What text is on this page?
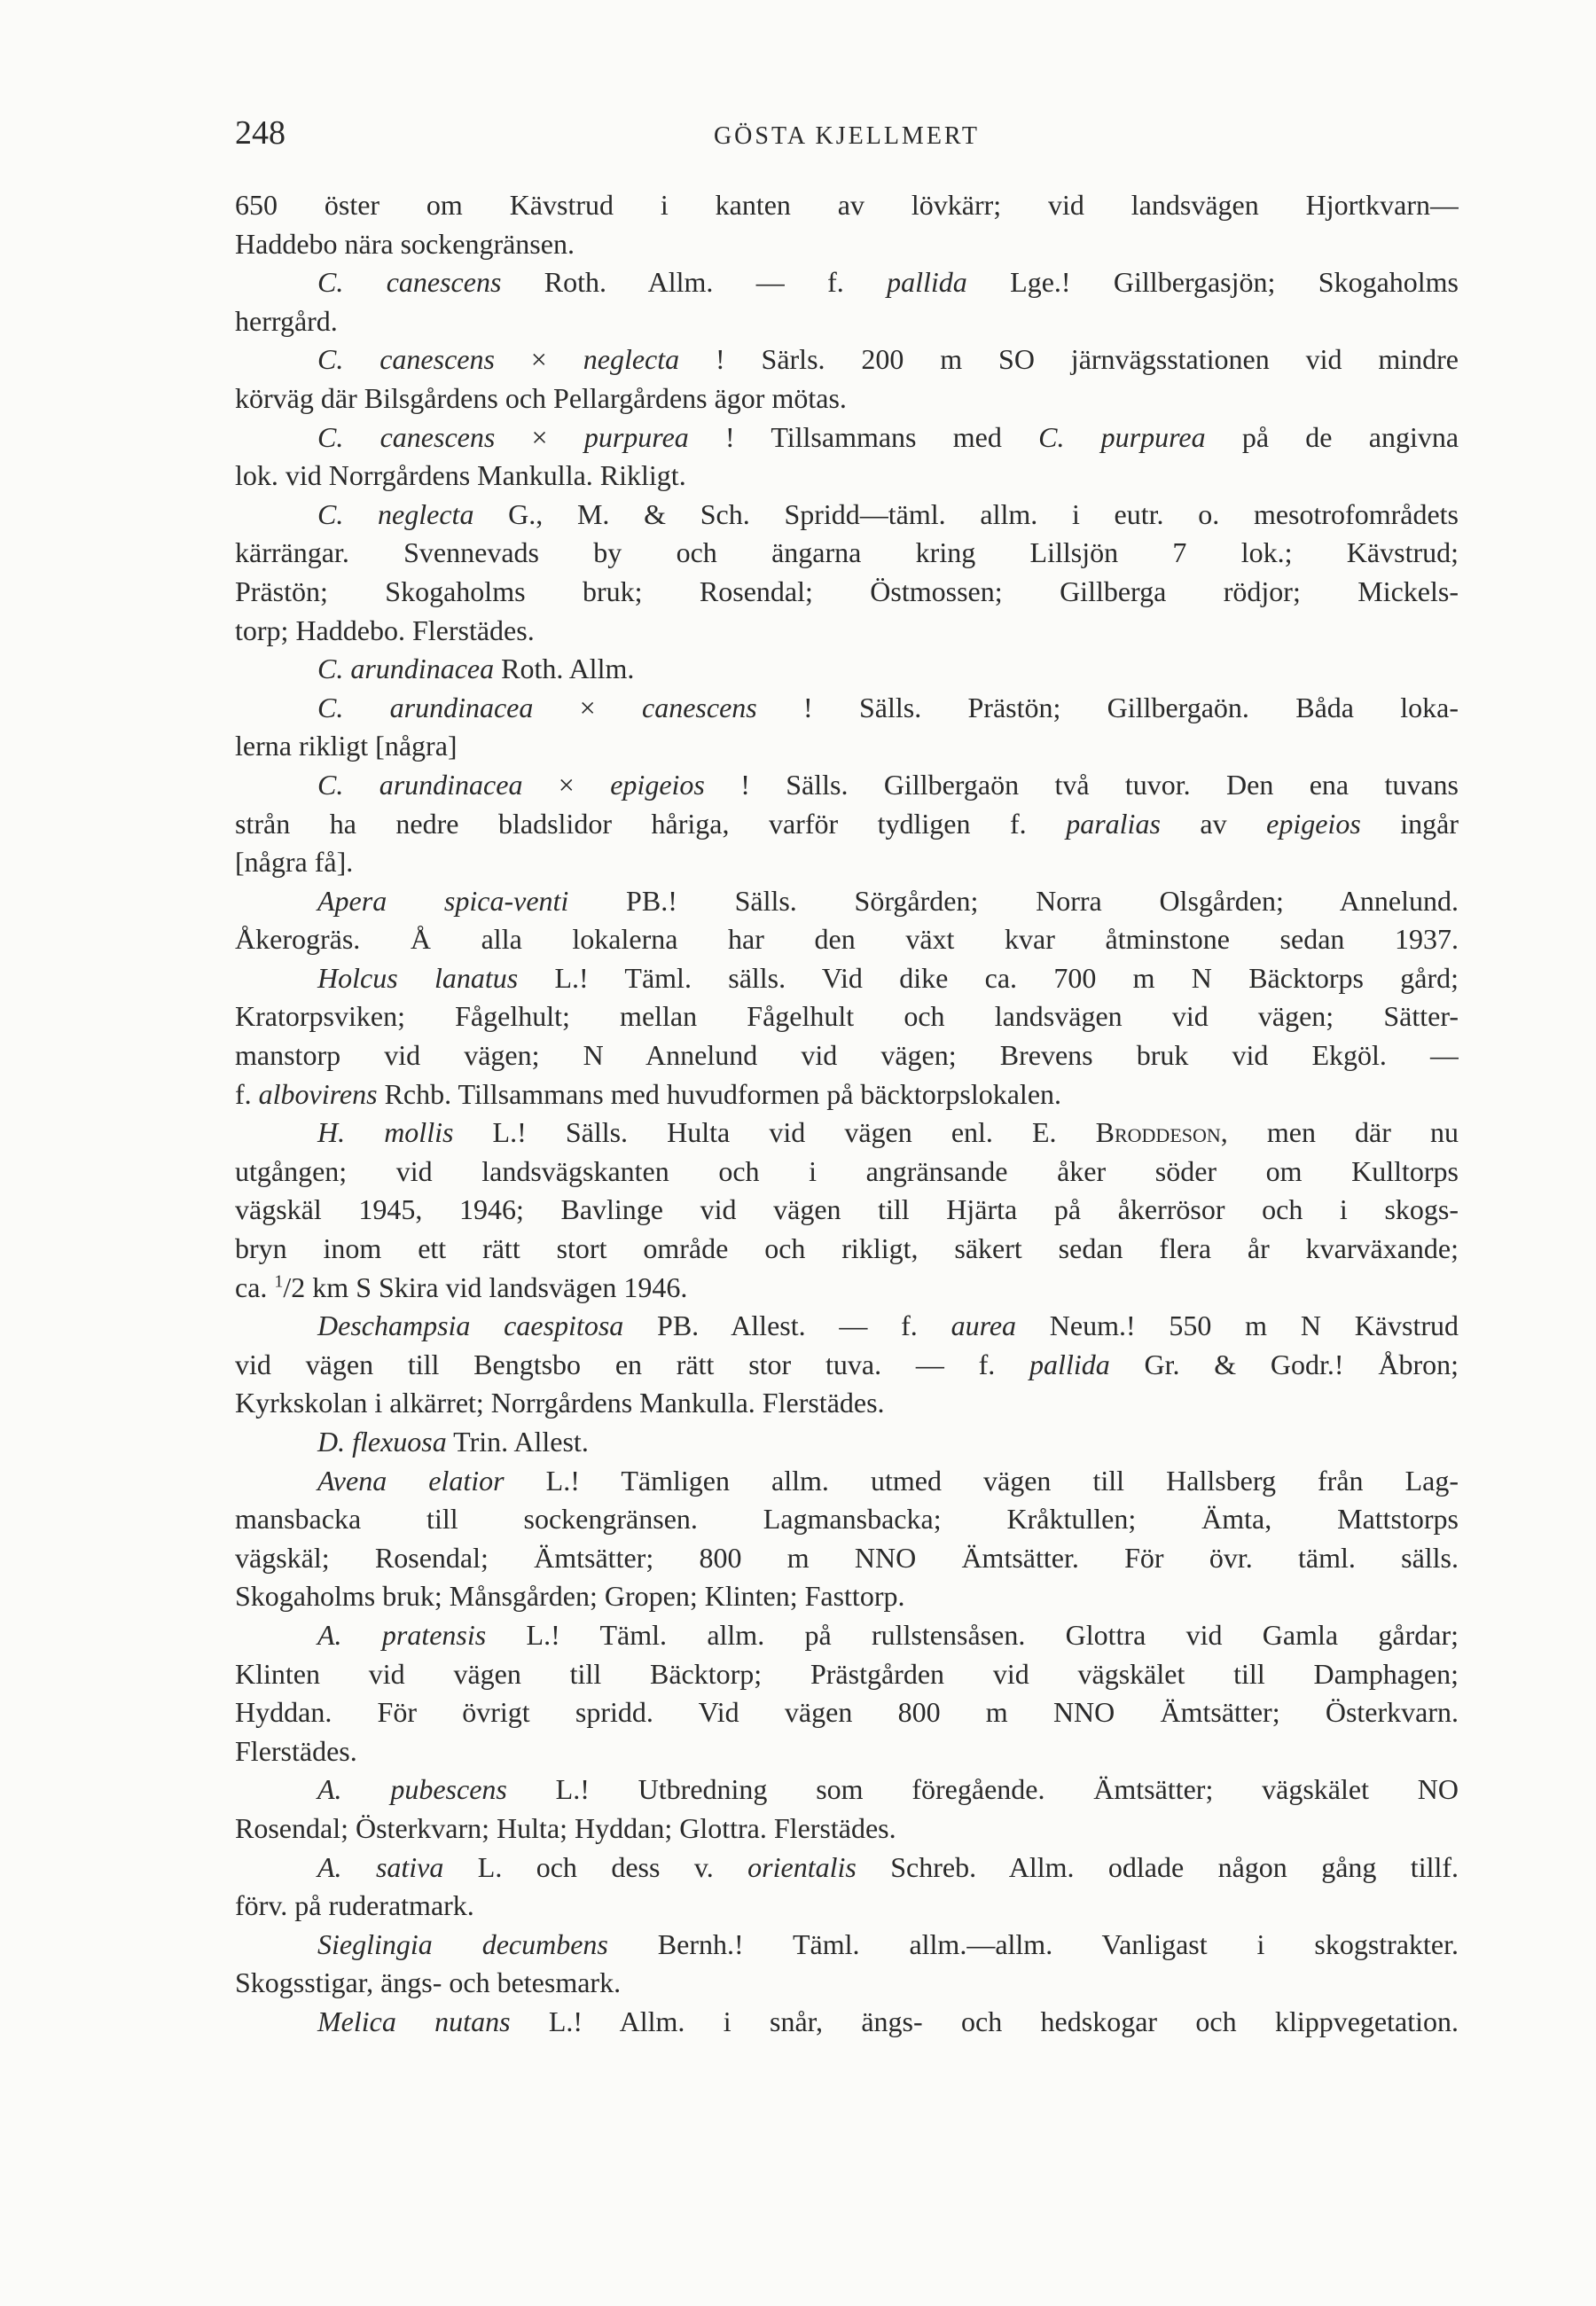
248	GÖSTA KJELLMERT
650 öster om Kävstrud i kanten av lövkärr; vid landsvägen Hjortkvarn—
Haddebo nära sockengränsen.
C. canescens Roth. Allm. — f. pallida Lge.! Gillbergasjön; Skogaholms
herrgård.
C. canescens × neglecta ! Särls. 200 m SO järnvägsstationen vid mindre
körväg där Bilsgårdens och Pellargårdens ägor mötas.
C. canescens × purpurea ! Tillsammans med C. purpurea på de angivna
lok. vid Norrgårdens Mankulla. Rikligt.
C. neglecta G., M. & Sch. Spridd—täml. allm. i eutr. o. mesotrofområdets
kärrängar. Svennevads by och ängarna kring Lillsjön 7 lok.; Kävstrud;
Prästön; Skogaholms bruk; Rosendal; Östmossen; Gillberga rödjor; Mickels-
torp; Haddebo. Flerstädes.
C. arundinacea Roth. Allm.
C. arundinacea × canescens ! Sälls. Prästön; Gillbergaön. Båda loka-
lerna rikligt [några]
C. arundinacea × epigeios ! Sälls. Gillbergaön två tuvor. Den ena tuvans
strån ha nedre bladslidor håriga, varför tydligen f. paralias av epigeios ingår
[några få].
Apera spica-venti PB.! Sälls. Sörgården; Norra Olsgården; Annelund.
Åkerogräs. Å alla lokalerna har den växt kvar åtminstone sedan 1937.
Holcus lanatus L.! Täml. sälls. Vid dike ca. 700 m N Bäcktorps gård;
Kratorpsviken; Fågelhult; mellan Fågelhult och landsvägen vid vägen; Sätter-
manstorp vid vägen; N Annelund vid vägen; Brevens bruk vid Ekgöl. —
f. albovirens Rchb. Tillsammans med huvudformen på bäcktorpslokalen.
H. mollis L.! Sälls. Hulta vid vägen enl. E. Broddeson, men där nu
utgången; vid landsvägskanten och i angränsande åker söder om Kulltorps
vägskäl 1945, 1946; Bavlinge vid vägen till Hjärta på åkerrösor och i skogs-
bryn inom ett rätt stort område och rikligt, säkert sedan flera år kvarväxande;
ca. $^1$/2 km S Skira vid landsvägen 1946.
Deschampsia caespitosa PB. Allest. — f. aurea Neum.! 550 m N Kävstrud
vid vägen till Bengtsbo en rätt stor tuva. — f. pallida Gr. & Godr.! Åbron;
Kyrkskolan i alkärret; Norrgårdens Mankulla. Flerstädes.
D. flexuosa Trin. Allest.
Avena elatior L.! Tämligen allm. utmed vägen till Hallsberg från Lag-
mansbacka till sockengränsen. Lagmansbacka; Kråktullen; Ämta, Mattstorps
vägskäl; Rosendal; Ämtsätter; 800 m NNO Ämtsätter. För övr. täml. sälls.
Skogaholms bruk; Månsgården; Gropen; Klinten; Fasttorp.
A. pratensis L.! Täml. allm. på rullstensåsen. Glottra vid Gamla gårdar;
Klinten vid vägen till Bäcktorp; Prästgården vid vägskälet till Damphagen;
Hyddan. För övrigt spridd. Vid vägen 800 m NNO Ämtsätter; Österkvarn.
Flerstädes.
A. pubescens L.! Utbredning som föregående. Ämtsätter; vägskälet NO
Rosendal; Österkvarn; Hulta; Hyddan; Glottra. Flerstädes.
A. sativa L. och dess v. orientalis Schreb. Allm. odlade någon gång tillf.
förv. på ruderatmark.
Sieglingia decumbens Bernh.! Täml. allm.—allm. Vanligast i skogstrakter.
Skogsstigar, ängs- och betesmark.
Melica nutans L.! Allm. i snår, ängs- och hedskogar och klippvegetation.
